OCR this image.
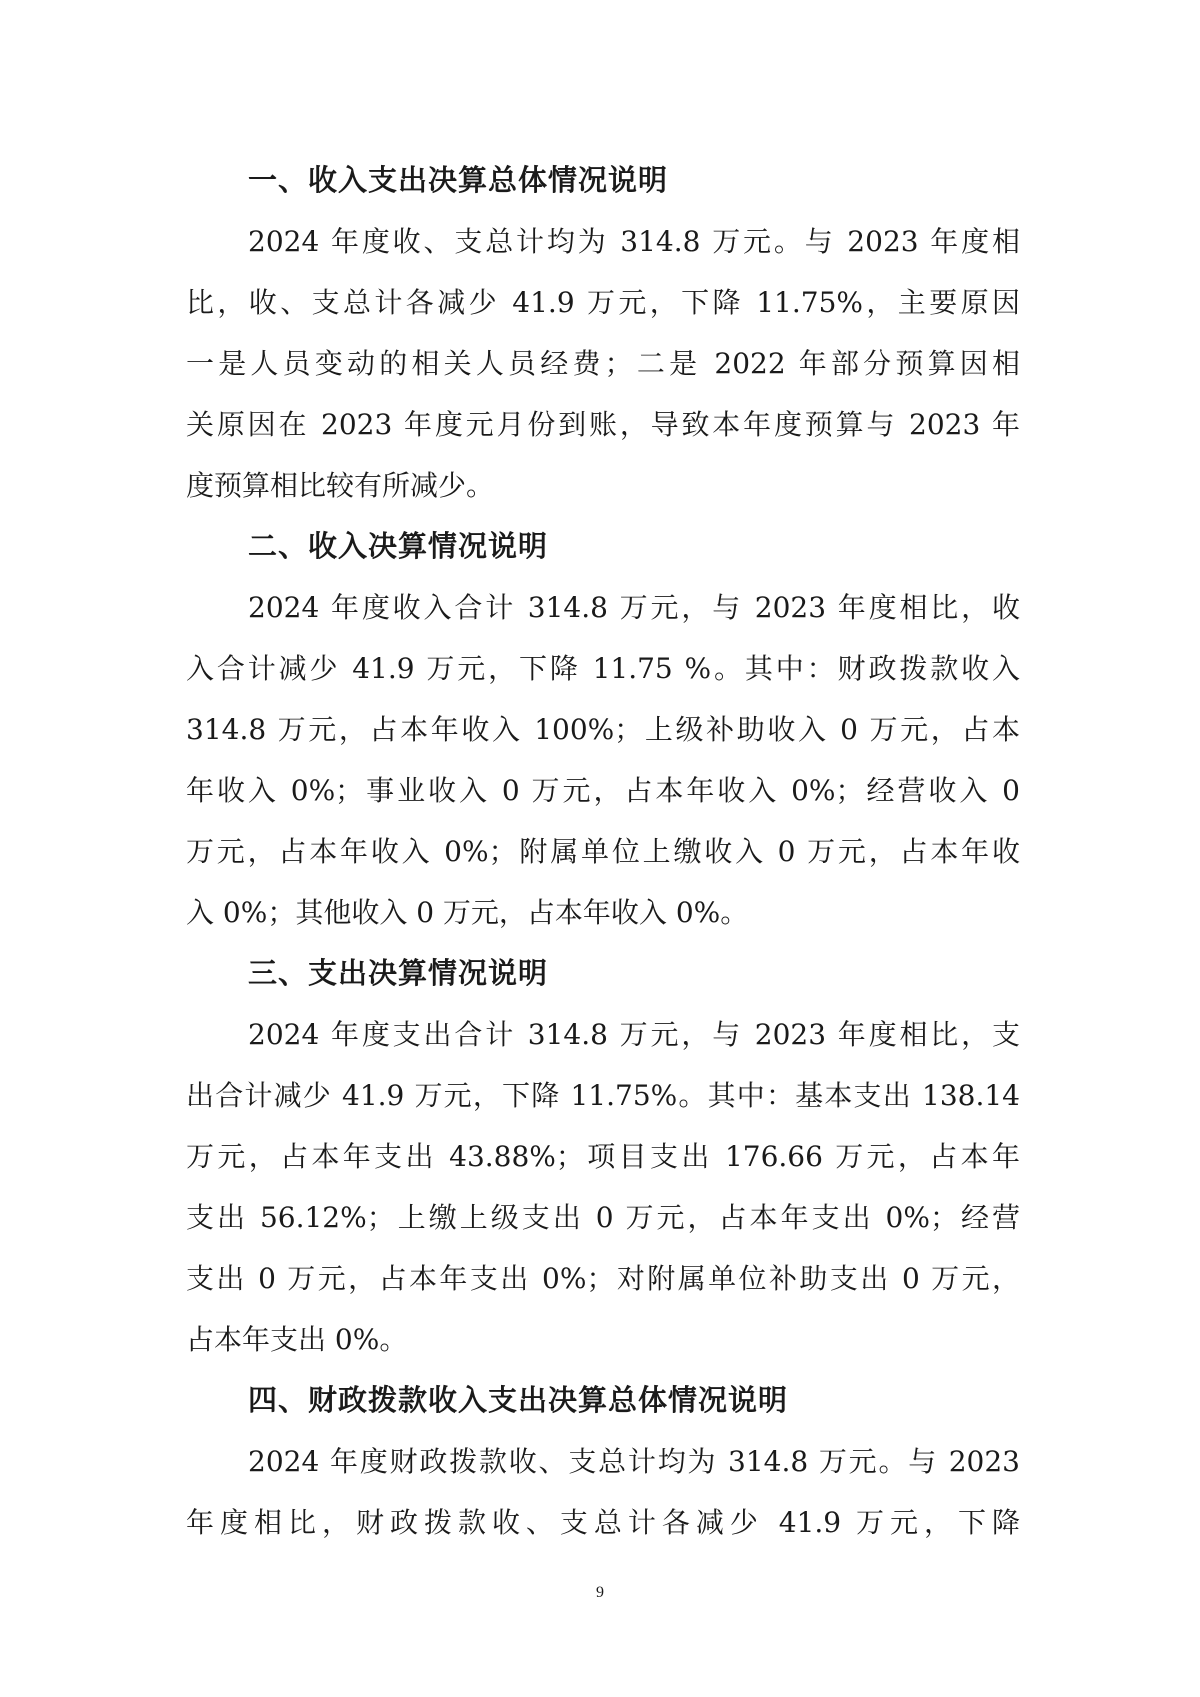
一、收入支出决算总体情况说明

2024 年度收、支总计均为 314.8 万元。与 2023 年度相
比，收、支总计各减少 41.9 万元，下降 11.75%，主要原因
一是人员变动的相关人员经费；二是 2022 年部分预算因相
关原因在 2023 年度元月份到账，导致本年度预算与 2023 年
度预算相比较有所减少。

二、收入决算情况说明

2024 年度收入合计 314.8 万元，与 2023 年度相比，收
入合计减少 41.9 万元，下降 11.75 %。其中：财政拨款收入
314.8 万元，占本年收入 100%；上级补助收入 0 万元，占本
年收入 0%；事业收入 0 万元，占本年收入 0%；经营收入 0
万元，占本年收入 0%；附属单位上缴收入 0 万元，占本年收
入 0%；其他收入 0 万元，占本年收入 0%。

三、支出决算情况说明

2024 年度支出合计 314.8 万元，与 2023 年度相比，支
出合计减少 41.9 万元，下降 11.75%。其中：基本支出 138.14
万元，占本年支出 43.88%；项目支出 176.66 万元，占本年
支出 56.12%；上缴上级支出 0 万元，占本年支出 0%；经营
支出 0 万元，占本年支出 0%；对附属单位补助支出 0 万元，
占本年支出 0%。

四、财政拨款收入支出决算总体情况说明

2024 年度财政拨款收、支总计均为 314.8 万元。与 2023
年度相比，财政拨款收、支总计各减少 41.9 万元，下降

9
